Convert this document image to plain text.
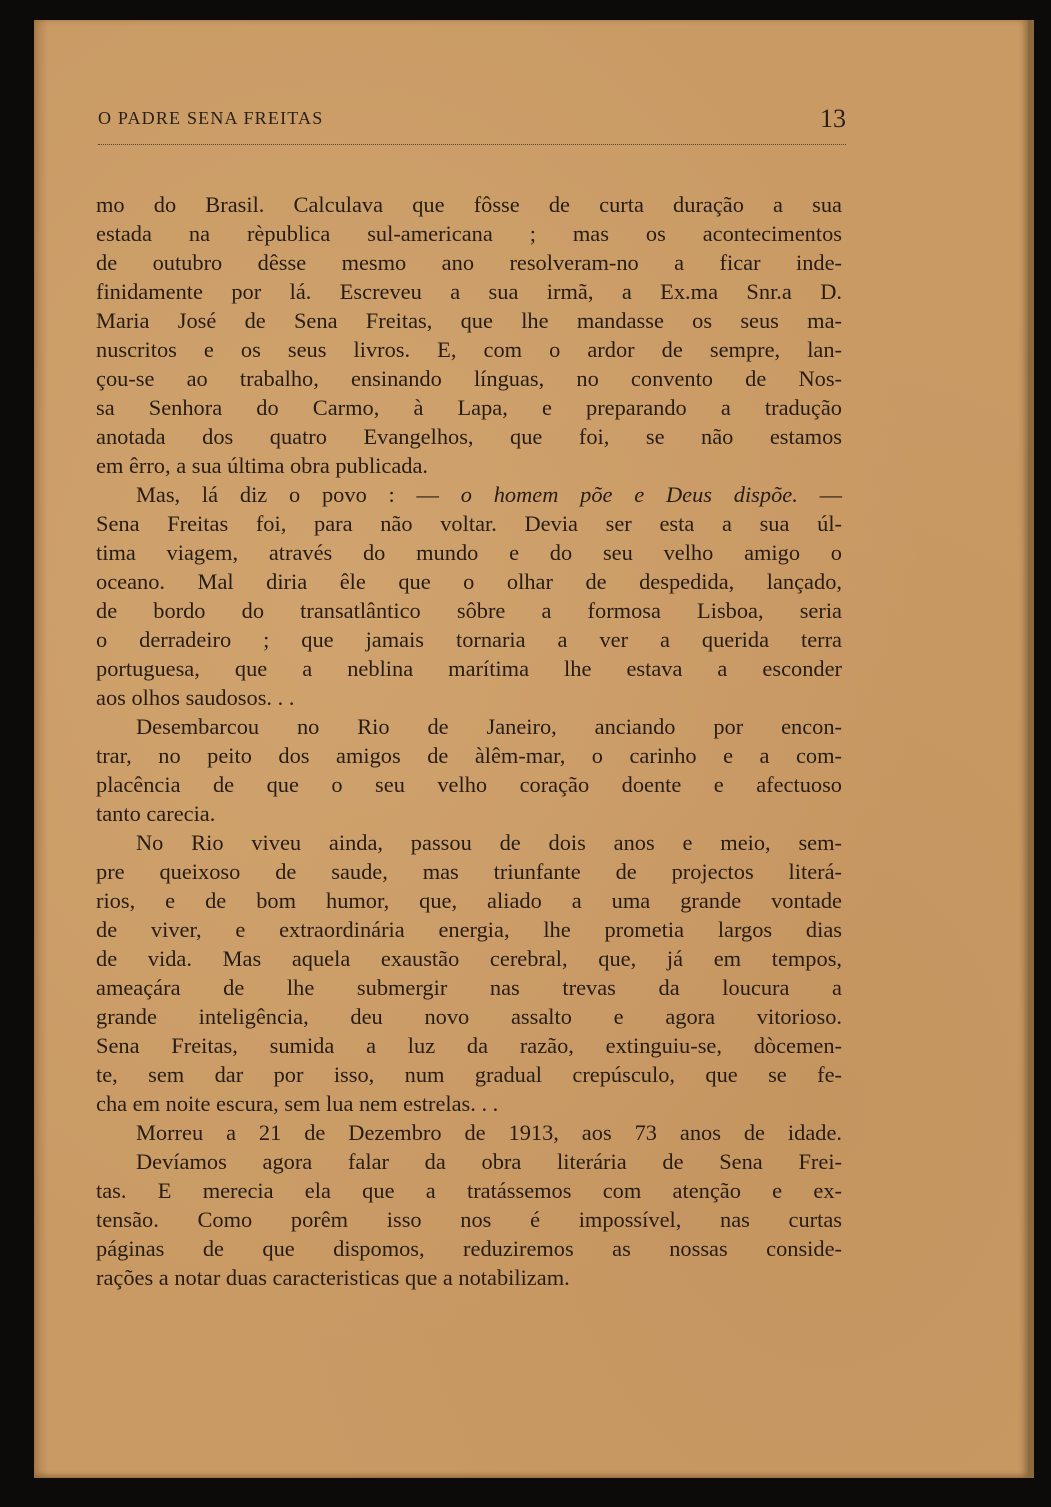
O PADRE SENA FREITAS	13
mo do Brasil. Calculava que fôsse de curta duração a sua
estada na rèpublica sul-americana ; mas os acontecimentos
de outubro dêsse mesmo ano resolveram-no a ficar inde-
finidamente por lá. Escreveu a sua irmã, a Ex.ma Snr.a D.
Maria José de Sena Freitas, que lhe mandasse os seus ma-
nuscritos e os seus livros. E, com o ardor de sempre, lan-
çou-se ao trabalho, ensinando línguas, no convento de Nos-
sa Senhora do Carmo, à Lapa, e preparando a tradução
anotada dos quatro Evangelhos, que foi, se não estamos
em êrro, a sua última obra publicada.
Mas, lá diz o povo : — o homem põe e Deus dispõe. —
Sena Freitas foi, para não voltar. Devia ser esta a sua úl-
tima viagem, através do mundo e do seu velho amigo o
oceano. Mal diria êle que o olhar de despedida, lançado,
de bordo do transatlântico sôbre a formosa Lisboa, seria
o derradeiro ; que jamais tornaria a ver a querida terra
portuguesa, que a neblina marítima lhe estava a esconder
aos olhos saudosos. . .
Desembarcou no Rio de Janeiro, anciando por encon-
trar, no peito dos amigos de àlêm-mar, o carinho e a com-
placência de que o seu velho coração doente e afectuoso
tanto carecia.
No Rio viveu ainda, passou de dois anos e meio, sem-
pre queixoso de saude, mas triunfante de projectos literá-
rios, e de bom humor, que, aliado a uma grande vontade
de viver, e extraordinária energia, lhe prometia largos dias
de vida. Mas aquela exaustão cerebral, que, já em tempos,
ameaçára de lhe submergir nas trevas da loucura a
grande inteligência, deu novo assalto e agora vitorioso.
Sena Freitas, sumida a luz da razão, extinguiu-se, dòcemen-
te, sem dar por isso, num gradual crepúsculo, que se fe-
cha em noite escura, sem lua nem estrelas. . .
Morreu a 21 de Dezembro de 1913, aos 73 anos de idade.
Devíamos agora falar da obra literária de Sena Frei-
tas. E merecia ela que a tratássemos com atenção e ex-
tensão. Como porêm isso nos é impossível, nas curtas
páginas de que dispomos, reduziremos as nossas conside-
rações a notar duas caracteristicas que a notabilizam.
